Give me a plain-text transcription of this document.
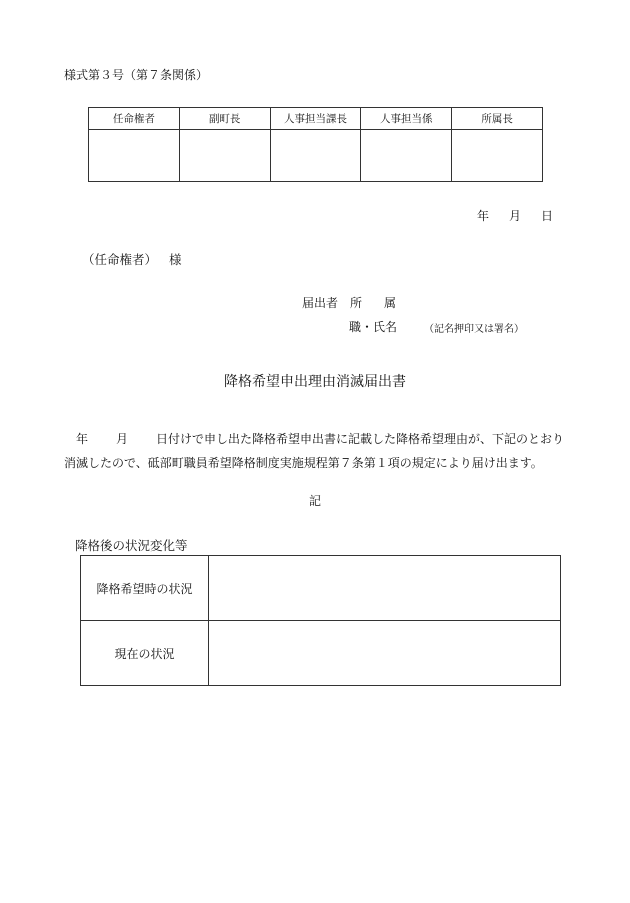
様式第３号（第７条関係）
任命権者	副町長	人事担当課長	人事担当係	所属長

年 月 日
（任命権者） 様
届出者 所属
職・氏名	（記名押印又は署名）
降格希望申出理由消滅届出書
年 月 日付けで申し出た降格希望申出書に記載した降格希望理由が、下記のとおり消滅したので、砥部町職員希望降格制度実施規程第７条第１項の規定により届け出ます。
記
降格後の状況変化等
降格希望時の状況	
現在の状況	
